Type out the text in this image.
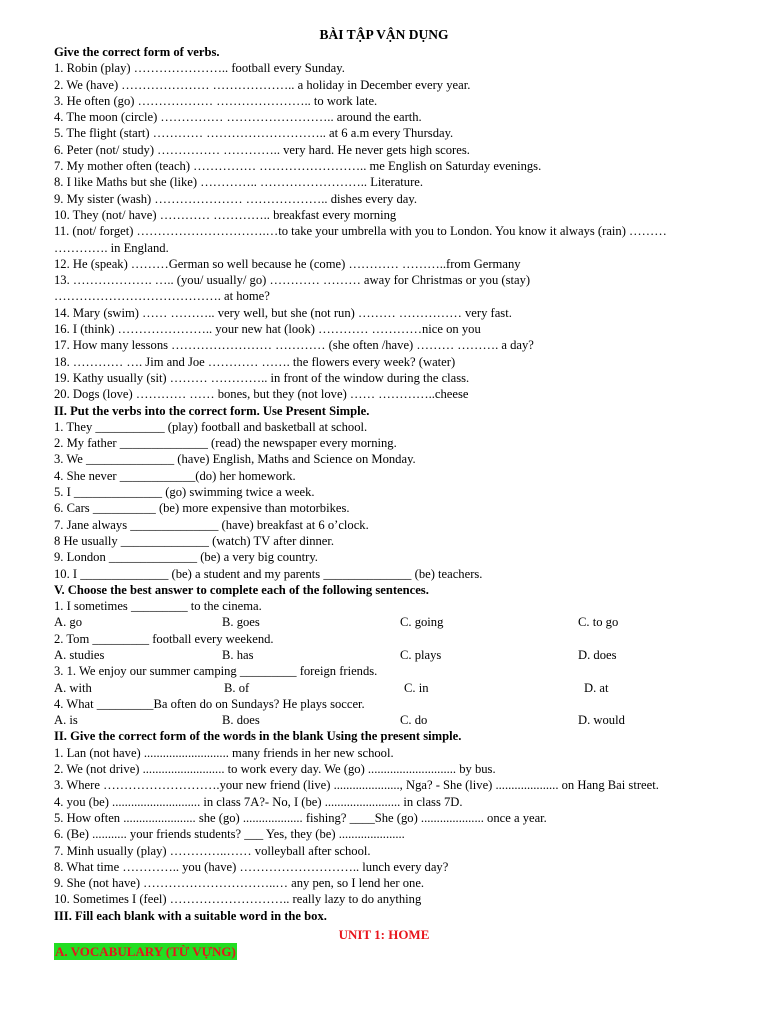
BÀI TẬP VẬN DỤNG
Give the correct form of verbs.
1. Robin (play) ………………….. football every Sunday.
2. We (have) ………………… ……………….. a holiday in December every year.
3. He often (go) ……………… ………………….. to work late.
4. The moon (circle) …………… …………………….. around the earth.
5. The flight (start) ………… ……………………….. at 6 a.m every Thursday.
6. Peter (not/ study) …………… ………….. very hard. He never gets high scores.
7. My mother often (teach) …………… …………………….. me English on Saturday evenings.
8. I like Maths but she (like) ………….. …………………….. Literature.
9. My sister (wash) ………………… ……………….. dishes every day.
10. They (not/ have) ………… ………….. breakfast every morning
11. (not/ forget) ………………………….…to take your umbrella with you to London. You know it always (rain) ………
…………. in England.
12. He (speak) ………German so well because he (come) ………… ………..from Germany
13. ………………. ….. (you/ usually/ go) ………… ……… away for Christmas or you (stay)
…………………………………. at home?
14. Mary (swim) …… ……….. very well, but she (not run) ……… …………… very fast.
16. I (think) ………………….. your new hat (look) ………… …………nice on you
17. How many lessons …………………… ………… (she often /have) ……… ………. a day?
18. ………… …. Jim and Joe ………… ……. the flowers every week? (water)
19. Kathy usually (sit) ……… ………….. in front of the window during the class.
20. Dogs (love) ………… …… bones, but they (not love) …… …………..cheese
II. Put the verbs into the correct form. Use Present Simple.
1. They ___________ (play) football and basketball at school.
2. My father ______________ (read) the newspaper every morning.
3. We ______________ (have) English, Maths and Science on Monday.
4. She never ____________(do) her homework.
5. I ______________ (go) swimming twice a week.
6. Cars __________ (be) more expensive than motorbikes.
7. Jane always ______________ (have) breakfast at 6 o’clock.
8 He usually ______________ (watch) TV after dinner.
9. London ______________ (be) a very big country.
10. I ______________ (be) a student and my parents ______________ (be) teachers.
V. Choose the best answer to complete each of the following sentences.
1. I sometimes _________ to the cinema.
A. go	B. goes	C. going	C. to go
2. Tom _________ football every weekend.
A. studies	B. has	C. plays	D. does
3. 1. We enjoy our summer camping _________ foreign friends.
A. with	B. of	C. in	D. at
4. What _________Ba often do on Sundays? He plays soccer.
A. is	B. does	C. do	D. would
II. Give the correct form of the words in the blank Using the present simple.
1. Lan (not have) ........................... many friends in her new school.
2. We (not drive) .......................... to work every day. We (go) ............................ by bus.
3. Where ……………………….your new friend (live) ....................., Nga? - She (live) .................... on Hang Bai street.
4. you (be) ............................ in class 7A?- No, I (be) ........................ in class 7D.
5. How often ....................... she (go) ................... fishing? ____She (go) .................... once a year.
6. (Be) ........... your friends students? ___ Yes, they (be) .....................
7. Minh usually (play) …………..…… volleyball after school.
8. What time ………….. you (have) ……………………….. lunch every day?
9. She (not have) …………………………..… any pen, so I lend her one.
10. Sometimes I (feel) ……………………….. really lazy to do anything
III. Fill each blank with a suitable word in the box.
UNIT 1: HOME
A. VOCABULARY (TỪ VỰNG)
